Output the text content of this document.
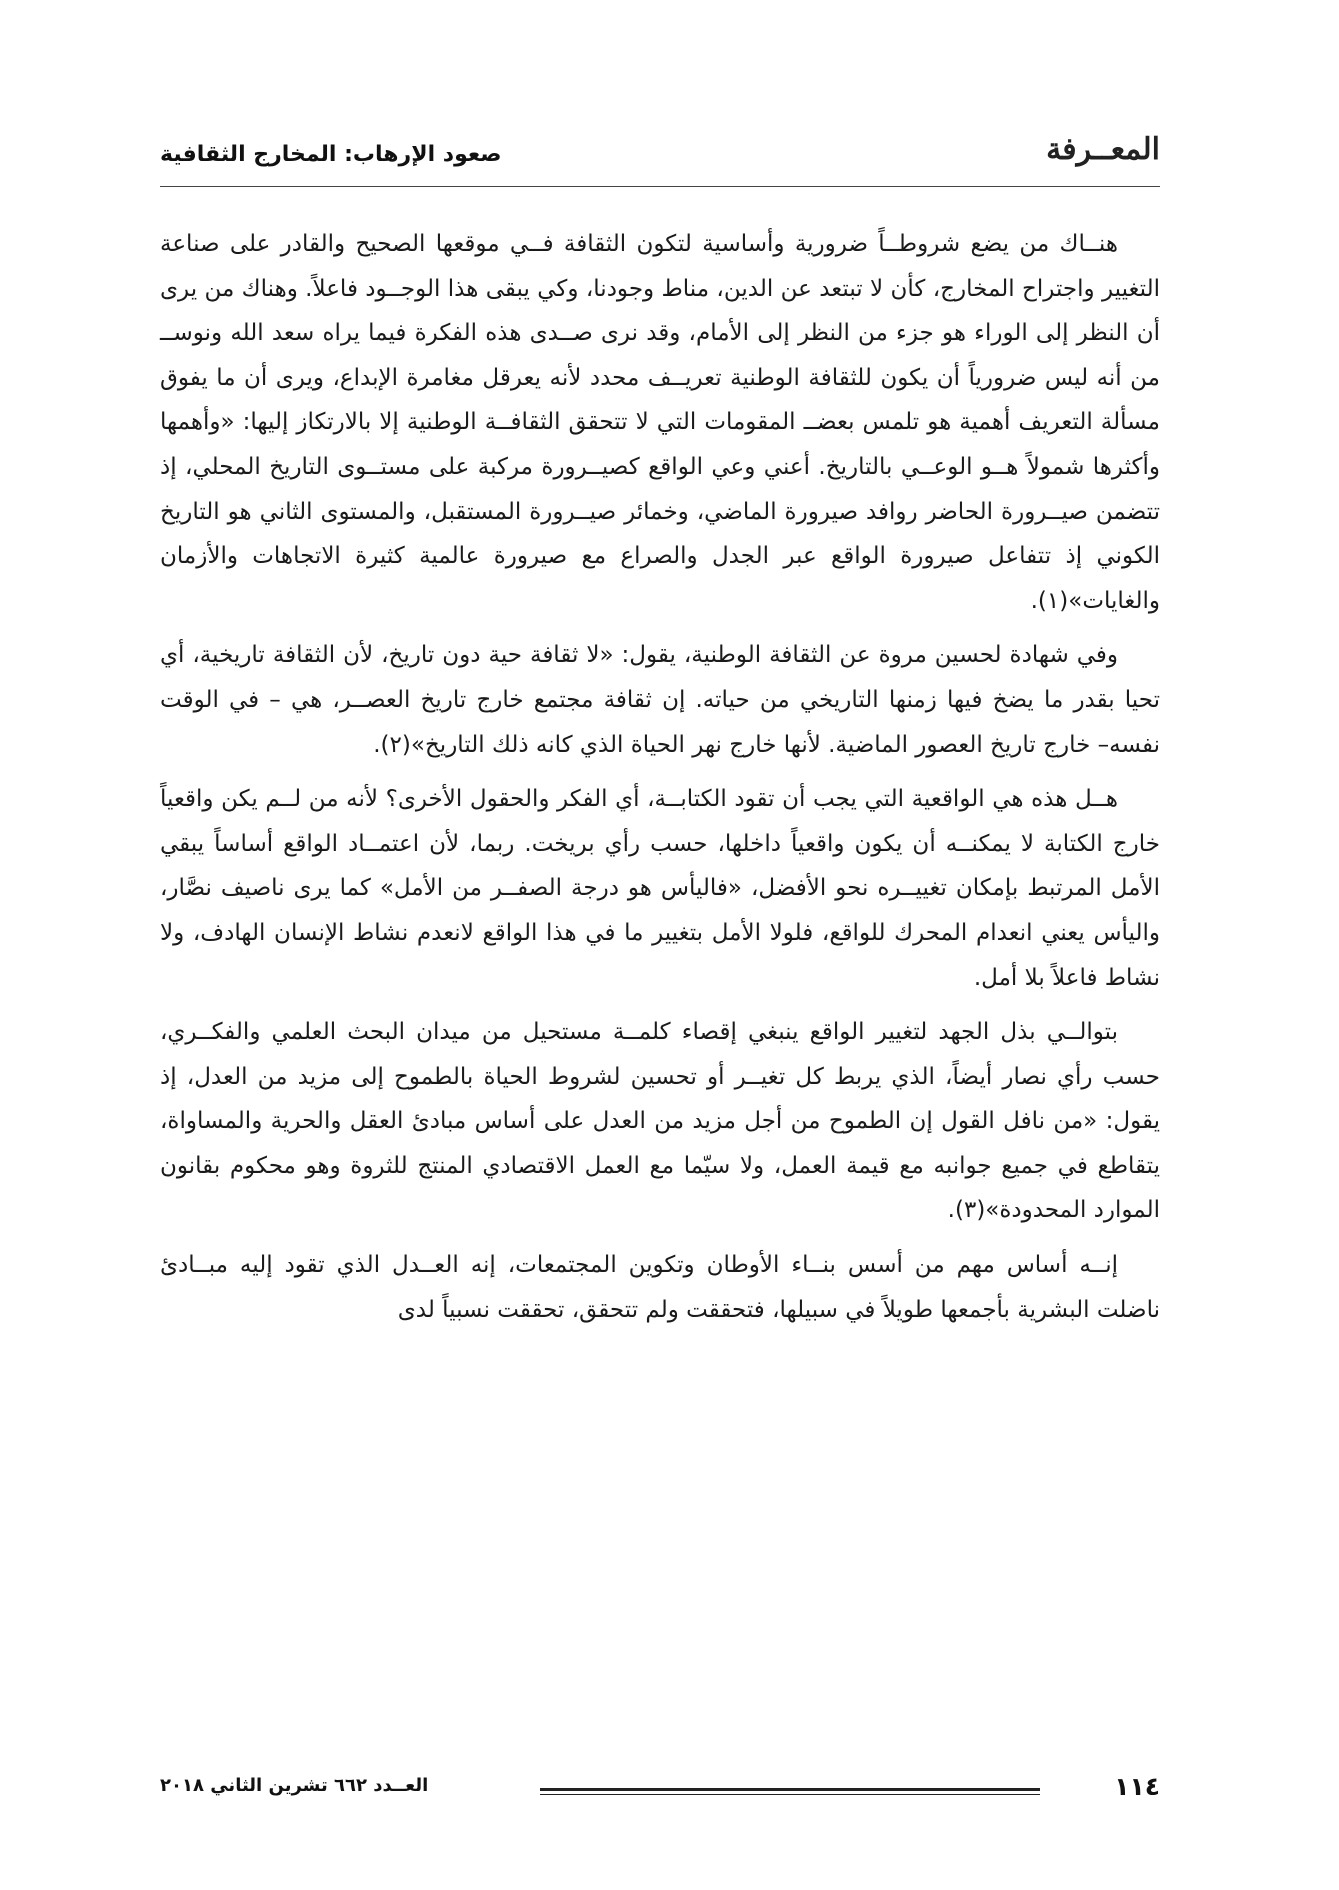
المعــرفة
صعود الإرهاب: المخارج الثقافية

هنــاك من يضع شروطــاً ضرورية وأساسية لتكون الثقافة فــي موقعها الصحيح والقادر على صناعة التغيير واجتراح المخارج، كأن لا تبتعد عن الدين، مناط وجودنا، وكي يبقى هذا الوجــود فاعلاً. وهناك من يرى أن النظر إلى الوراء هو جزء من النظر إلى الأمام، وقد نرى صــدى هذه الفكرة فيما يراه سعد الله ونوســ من أنه ليس ضرورياً أن يكون للثقافة الوطنية تعريــف محدد لأنه يعرقل مغامرة الإبداع، ويرى أن ما يفوق مسألة التعريف أهمية هو تلمس بعضــ المقومات التي لا تتحقق الثقافــة الوطنية إلا بالارتكاز إليها: «وأهمها وأكثرها شمولاً هــو الوعــي بالتاريخ. أعني وعي الواقع كصيــرورة مركبة على مستــوى التاريخ المحلي، إذ تتضمن صيــرورة الحاضر روافد صيرورة الماضي، وخمائر صيــرورة المستقبل، والمستوى الثاني هو التاريخ الكوني إذ تتفاعل صيرورة الواقع عبر الجدل والصراع مع صيرورة عالمية كثيرة الاتجاهات والأزمان والغايات»(١).

وفي شهادة لحسين مروة عن الثقافة الوطنية، يقول: «لا ثقافة حية دون تاريخ، لأن الثقافة تاريخية، أي تحيا بقدر ما يضخ فيها زمنها التاريخي من حياته. إن ثقافة مجتمع خارج تاريخ العصــر، هي – في الوقت نفسه– خارج تاريخ العصور الماضية. لأنها خارج نهر الحياة الذي كانه ذلك التاريخ»(٢).

هــل هذه هي الواقعية التي يجب أن تقود الكتابــة، أي الفكر والحقول الأخرى؟ لأنه من لــم يكن واقعياً خارج الكتابة لا يمكنــه أن يكون واقعياً داخلها، حسب رأي بريخت. ربما، لأن اعتمــاد الواقع أساساً يبقي الأمل المرتبط بإمكان تغييــره نحو الأفضل، «فاليأس هو درجة الصفــر من الأمل» كما يرى ناصيف نصَّار، واليأس يعني انعدام المحرك للواقع، فلولا الأمل بتغيير ما في هذا الواقع لانعدم نشاط الإنسان الهادف، ولا نشاط فاعلاً بلا أمل.

بتوالــي بذل الجهد لتغيير الواقع ينبغي إقصاء كلمــة مستحيل من ميدان البحث العلمي والفكــري، حسب رأي نصار أيضاً، الذي يربط كل تغيــر أو تحسين لشروط الحياة بالطموح إلى مزيد من العدل، إذ يقول: «من نافل القول إن الطموح من أجل مزيد من العدل على أساس مبادئ العقل والحرية والمساواة، يتقاطع في جميع جوانبه مع قيمة العمل، ولا سيّما مع العمل الاقتصادي المنتج للثروة وهو محكوم بقانون الموارد المحدودة»(٣).

إنــه أساس مهم من أسس بنــاء الأوطان وتكوين المجتمعات، إنه العــدل الذي تقود إليه مبــادئ ناضلت البشرية بأجمعها طويلاً في سبيلها، فتحققت ولم تتحقق، تحققت نسبياً لدى

١١٤
العــدد ٦٦٢ تشرين الثاني ٢٠١٨
